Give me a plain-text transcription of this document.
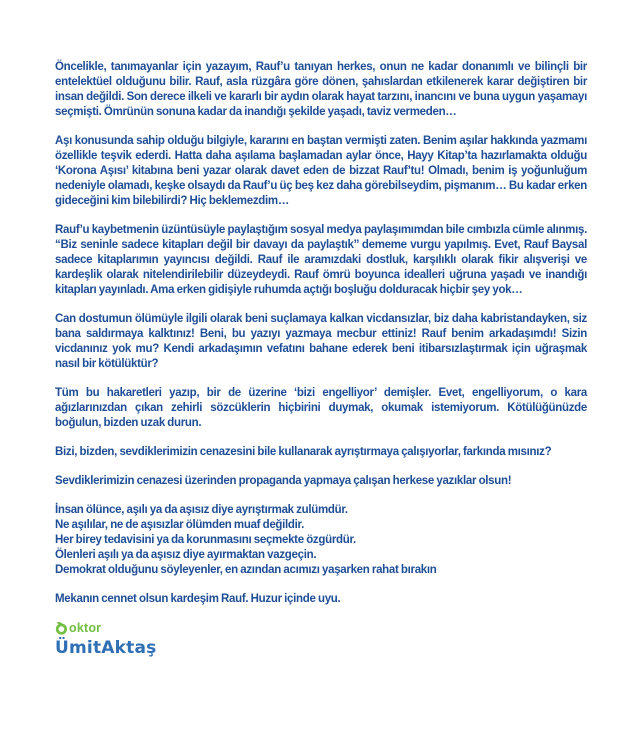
Öncelikle, tanımayanlar için yazayım, Rauf’u tanıyan herkes, onun ne kadar donanımlı ve bilinçli bir entelektüel olduğunu bilir. Rauf, asla rüzgâra göre dönen, şahıslardan etkilenerek karar değiştiren bir insan değildi. Son derece ilkeli ve kararlı bir aydın olarak hayat tarzını, inancını ve buna uygun yaşamayı seçmişti. Ömrünün sonuna kadar da inandığı şekilde yaşadı, taviz vermeden…

Aşı konusunda sahip olduğu bilgiyle, kararını en baştan vermişti zaten. Benim aşılar hakkında yazmamı özellikle teşvik ederdi. Hatta daha aşılama başlamadan aylar önce, Hayy Kitap’ta hazırlamakta olduğu ‘Korona Aşısı’ kitabına beni yazar olarak davet eden de bizzat Rauf’tu! Olmadı, benim iş yoğunluğum nedeniyle olamadı, keşke olsaydı da Rauf’u üç beş kez daha görebilseydim, pişmanım… Bu kadar erken gideceğini kim bilebilirdi? Hiç beklemezdim…

Rauf’u kaybetmenin üzüntüsüyle paylaştığım sosyal medya paylaşımımdan bile cımbızla cümle alınmış. “Biz seninle sadece kitapları değil bir davayı da paylaştık’’ dememe vurgu yapılmış. Evet, Rauf Baysal sadece kitaplarımın yayıncısı değildi. Rauf ile aramızdaki dostluk, karşılıklı olarak fikir alışverişi ve kardeşlik olarak nitelendirilebilir düzeydeydi. Rauf ömrü boyunca idealleri uğruna yaşadı ve inandığı kitapları yayınladı. Ama erken gidişiyle ruhumda açtığı boşluğu dolduracak hiçbir şey yok…

Can dostumun ölümüyle ilgili olarak beni suçlamaya kalkan vicdansızlar, biz daha kabristandayken, siz bana saldırmaya kalktınız! Beni, bu yazıyı yazmaya mecbur ettiniz! Rauf benim arkadaşımdı! Sizin vicdanınız yok mu? Kendi arkadaşımın vefatını bahane ederek beni itibarsızlaştırmak için uğraşmak nasıl bir kötülüktür?

Tüm bu hakaretleri yazıp, bir de üzerine ‘bizi engelliyor’ demişler. Evet, engelliyorum, o kara ağızlarınızdan çıkan zehirli sözcüklerin hiçbirini duymak, okumak istemiyorum. Kötülüğünüzde boğulun, bizden uzak durun.

Bizi, bizden, sevdiklerimizin cenazesini bile kullanarak ayrıştırmaya çalışıyorlar, farkında mısınız?

Sevdiklerimizin cenazesi üzerinden propaganda yapmaya çalışan herkese yazıklar olsun!

İnsan ölünce, aşılı ya da aşısız diye ayrıştırmak zulümdür.
Ne aşılılar, ne de aşısızlar ölümden muaf değildir.
Her birey tedavisini ya da korunmasını seçmekte özgürdür.
Ölenleri aşılı ya da aşısız diye ayırmaktan vazgeçin.
Demokrat olduğunu söyleyenler, en azından acımızı yaşarken rahat bırakın

Mekanın cennet olsun kardeşim Rauf. Huzur içinde uyu.

oktor
ÜmitAktaş
